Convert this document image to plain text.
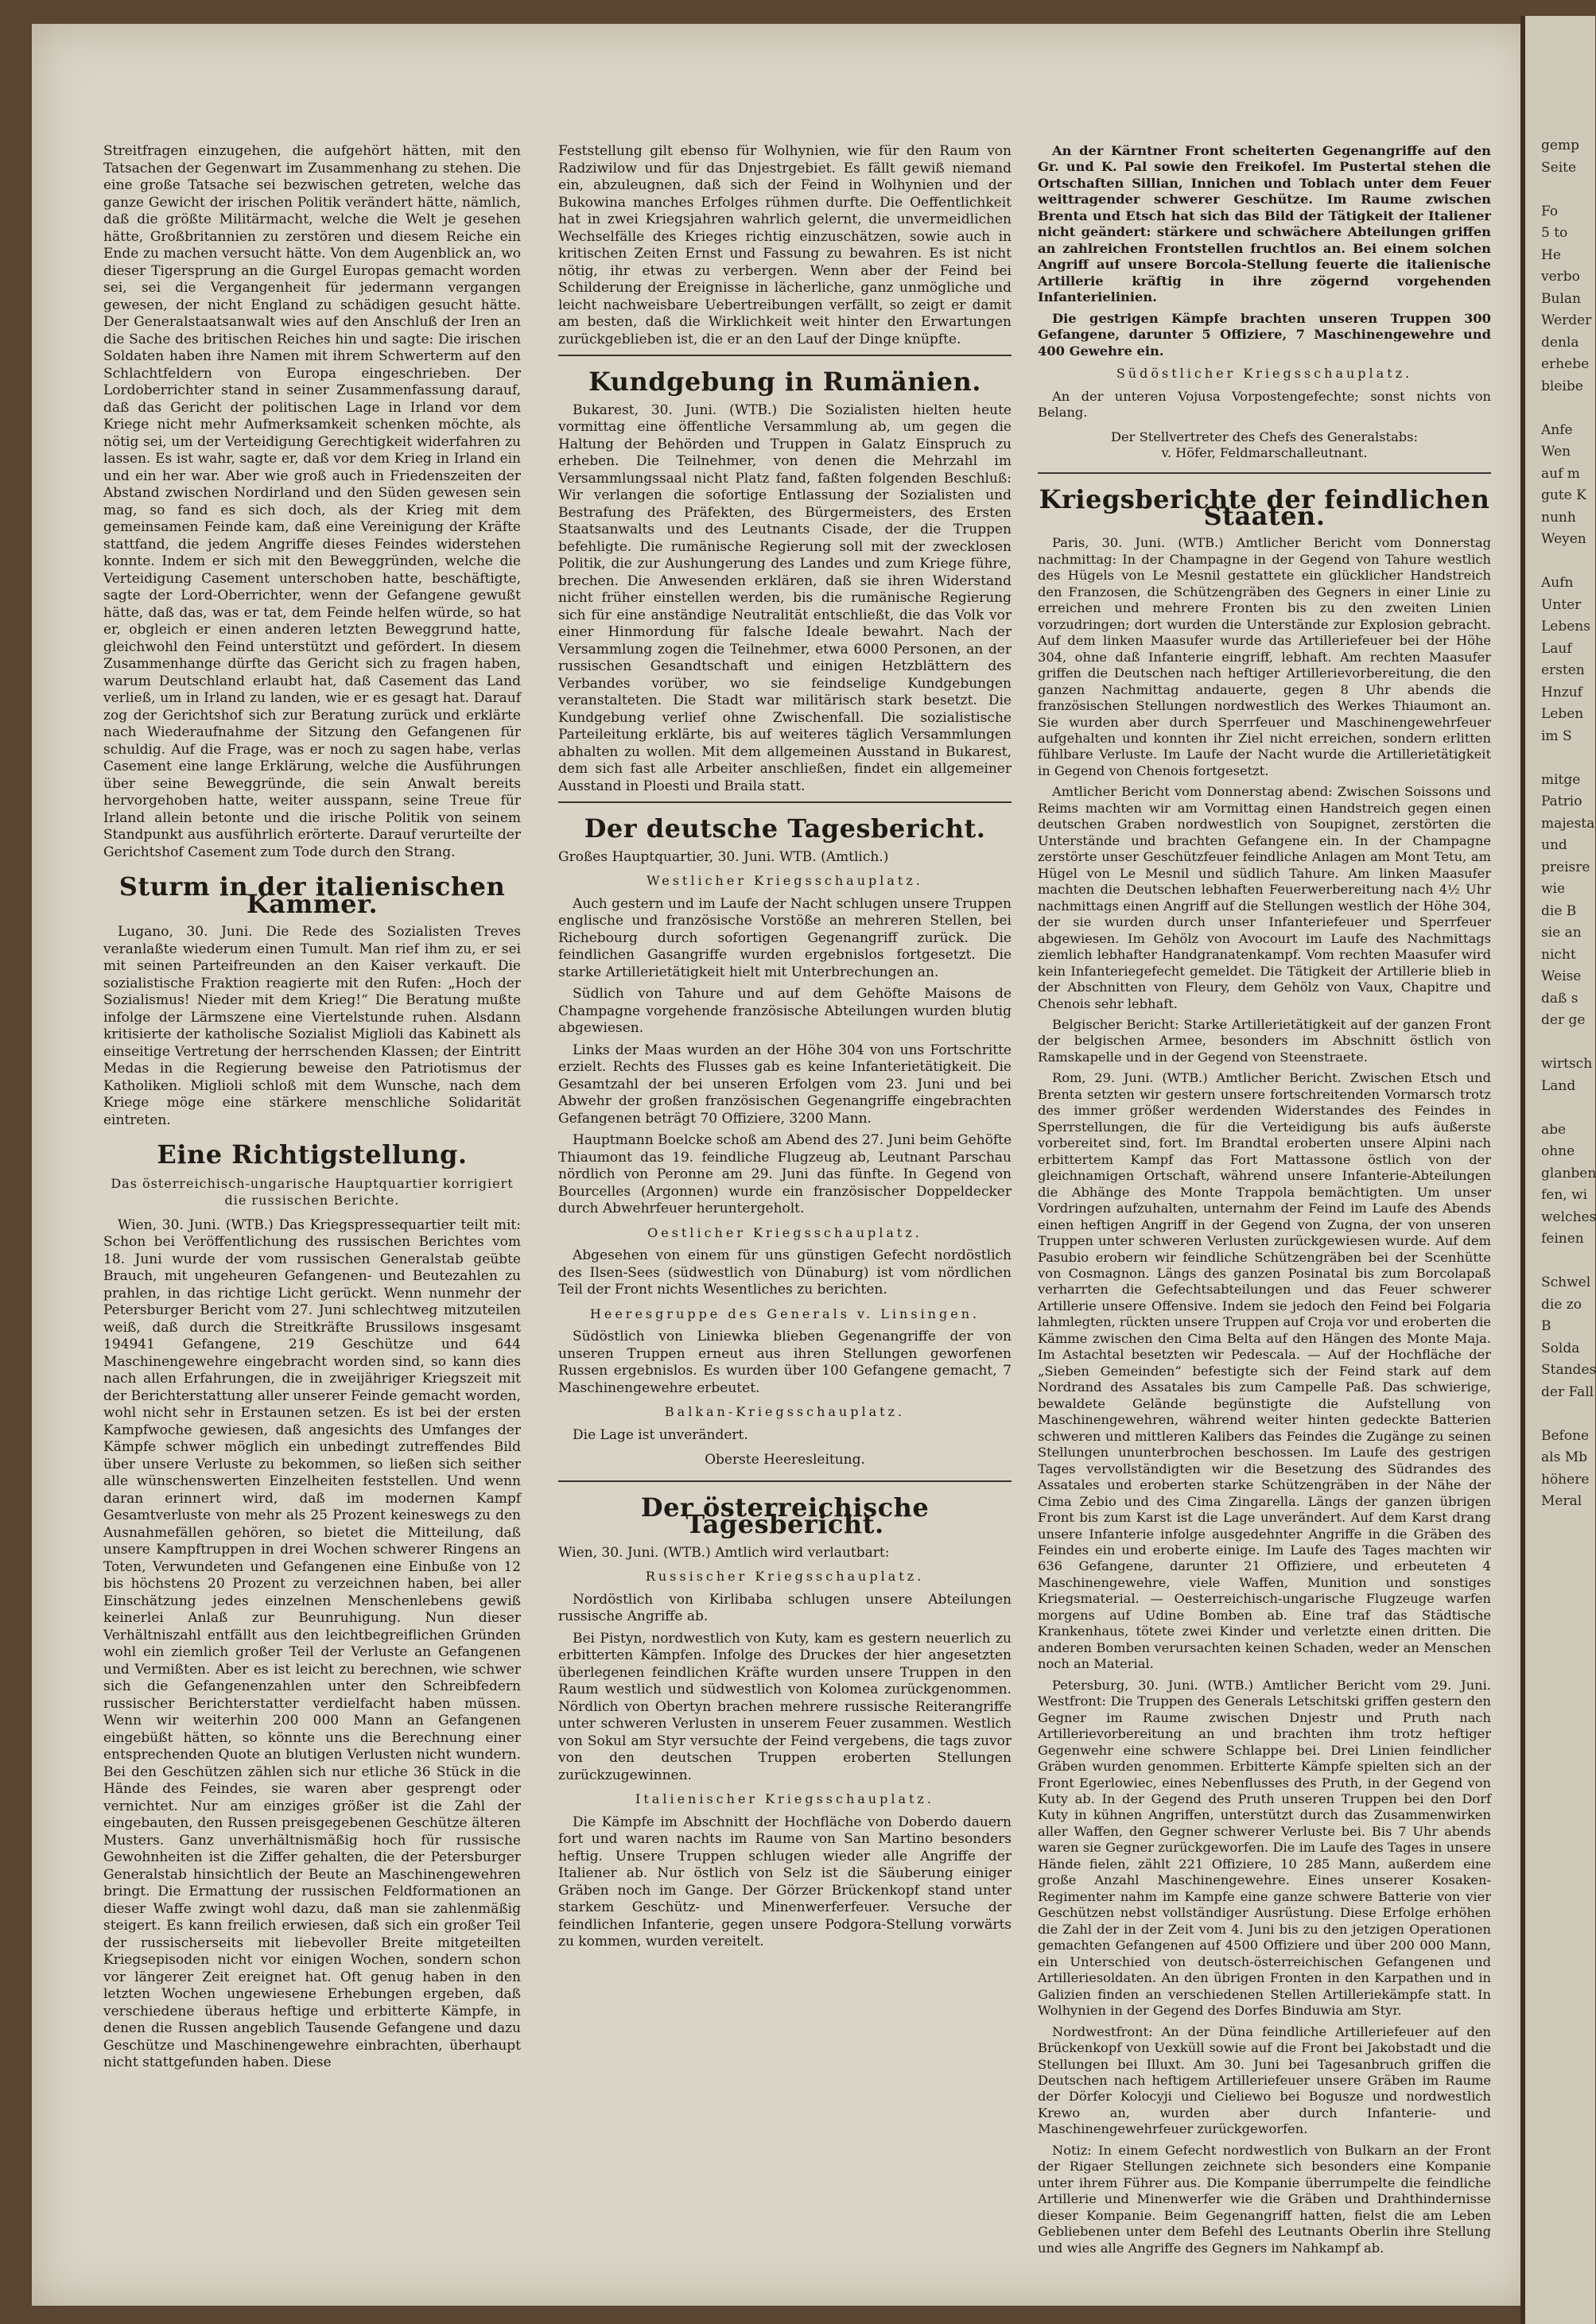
Streitfragen einzugehen, die aufgehört hätten, mit den Tatsachen der Gegenwart im Zusammenhang zu stehen. Die eine große Tatsache sei bezwischen getreten, welche das ganze Gewicht der irischen Politik verändert hätte, nämlich, daß die größte Militärmacht, welche die Welt je gesehen hätte, Großbritannien zu zerstören und diesem Reiche ein Ende zu machen versucht hätte. Von dem Augenblick an, wo dieser Tigersprung an die Gurgel Europas gemacht worden sei, sei die Vergangenheit für jedermann vergangen gewesen, der nicht England zu schädigen gesucht hätte. Der Generalstaatsanwalt wies auf den Anschluß der Iren an die Sache des britischen Reiches hin und sagte: Die irischen Soldaten haben ihre Namen mit ihrem Schwerterm auf den Schlachtfeldern von Europa eingeschrieben. Der Lordoberrichter stand in seiner Zusammenfassung darauf, daß das Gericht der politischen Lage in Irland vor dem Kriege nicht mehr Aufmerksamkeit schenken möchte, als nötig sei, um der Verteidigung Gerechtigkeit widerfahren zu lassen. Es ist wahr, sagte er, daß vor dem Krieg in Irland ein und ein her war. Aber wie groß auch in Friedenszeiten der Abstand zwischen Nordirland und den Süden gewesen sein mag, so fand es sich doch, als der Krieg mit dem gemeinsamen Feinde kam, daß eine Vereinigung der Kräfte stattfand, die jedem Angriffe dieses Feindes widerstehen konnte. Indem er sich mit den Beweggründen, welche die Verteidigung Casement unterschoben hatte, beschäftigte, sagte der Lord-Oberrichter, wenn der Gefangene gewußt hätte, daß das, was er tat, dem Feinde helfen würde, so hat er, obgleich er einen anderen letzten Beweggrund hatte, gleichwohl den Feind unterstützt und gefördert. In diesem Zusammenhange dürfte das Gericht sich zu fragen haben, warum Deutschland erlaubt hat, daß Casement das Land verließ, um in Irland zu landen, wie er es gesagt hat. Darauf zog der Gerichtshof sich zur Beratung zurück und erklärte nach Wiederaufnahme der Sitzung den Gefangenen für schuldig. Auf die Frage, was er noch zu sagen habe, verlas Casement eine lange Erklärung, welche die Ausführungen über seine Beweggründe, die sein Anwalt bereits hervorgehoben hatte, weiter ausspann, seine Treue für Irland allein betonte und die irische Politik von seinem Standpunkt aus ausführlich erörterte. Darauf verurteilte der Gerichtshof Casement zum Tode durch den Strang.

Sturm in der italienischen Kammer.

Lugano, 30. Juni. Die Rede des Sozialisten Treves veranlaßte wiederum einen Tumult. Man rief ihm zu, er sei mit seinen Parteifreunden an den Kaiser verkauft. Die sozialistische Fraktion reagierte mit den Rufen: „Hoch der Sozialismus! Nieder mit dem Krieg!“ Die Beratung mußte infolge der Lärmszene eine Viertelstunde ruhen. Alsdann kritisierte der katholische Sozialist Miglioli das Kabinett als einseitige Vertretung der herrschenden Klassen; der Eintritt Medas in die Regierung beweise den Patriotismus der Katholiken. Miglioli schloß mit dem Wunsche, nach dem Kriege möge eine stärkere menschliche Solidarität eintreten.

Eine Richtigstellung.
Das österreichisch-ungarische Hauptquartier korrigiert die russischen Berichte.

Wien, 30. Juni. (WTB.) Das Kriegspressequartier teilt mit: Schon bei Veröffentlichung des russischen Berichtes vom 18. Juni wurde der vom russischen Generalstab geübte Brauch, mit ungeheuren Gefangenen- und Beutezahlen zu prahlen, in das richtige Licht gerückt. Wenn nunmehr der Petersburger Bericht vom 27. Juni schlechtweg mitzuteilen weiß, daß durch die Streitkräfte Brussilows insgesamt 194941 Gefangene, 219 Geschütze und 644 Maschinengewehre eingebracht worden sind, so kann dies nach allen Erfahrungen, die in zweijähriger Kriegszeit mit der Berichterstattung aller unserer Feinde gemacht worden, wohl nicht sehr in Erstaunen setzen. Es ist bei der ersten Kampfwoche gewiesen, daß angesichts des Umfanges der Kämpfe schwer möglich ein unbedingt zutreffendes Bild über unsere Verluste zu bekommen, so ließen sich seither alle wünschenswerten Einzelheiten feststellen. Und wenn daran erinnert wird, daß im modernen Kampf Gesamtverluste von mehr als 25 Prozent keineswegs zu den Ausnahmefällen gehören, so bietet die Mitteilung, daß unsere Kampftruppen in drei Wochen schwerer Ringens an Toten, Verwundeten und Gefangenen eine Einbuße von 12 bis höchstens 20 Prozent zu verzeichnen haben, bei aller Einschätzung jedes einzelnen Menschenlebens gewiß keinerlei Anlaß zur Beunruhigung. Nun dieser Verhältniszahl entfällt aus den leichtbegreiflichen Gründen wohl ein ziemlich großer Teil der Verluste an Gefangenen und Vermißten. Aber es ist leicht zu berechnen, wie schwer sich die Gefangenenzahlen unter den Schreibfedern russischer Berichterstatter verdielfacht haben müssen. Wenn wir weiterhin 200 000 Mann an Gefangenen eingebüßt hätten, so könnte uns die Berechnung einer entsprechenden Quote an blutigen Verlusten nicht wundern. Bei den Geschützen zählen sich nur etliche 36 Stück in die Hände des Feindes, sie waren aber gesprengt oder vernichtet. Nur am einziges größer ist die Zahl der eingebauten, den Russen preisgegebenen Geschütze älteren Musters. Ganz unverhältnismäßig hoch für russische Gewohnheiten ist die Ziffer gehalten, die der Petersburger Generalstab hinsichtlich der Beute an Maschinengewehren bringt. Die Ermattung der russischen Feldformationen an dieser Waffe zwingt wohl dazu, daß man sie zahlenmäßig steigert. Es kann freilich erwiesen, daß sich ein großer Teil der russischerseits mit liebevoller Breite mitgeteilten Kriegsepisoden nicht vor einigen Wochen, sondern schon vor längerer Zeit ereignet hat. Oft genug haben in den letzten Wochen ungewiesene Erhebungen ergeben, daß verschiedene überaus heftige und erbitterte Kämpfe, in denen die Russen angeblich Tausende Gefangene und dazu Geschütze und Maschinengewehre einbrachten, überhaupt nicht stattgefunden haben. Diese

Feststellung gilt ebenso für Wolhynien, wie für den Raum von Radziwilow und für das Dnjestrgebiet. Es fällt gewiß niemand ein, abzuleugnen, daß sich der Feind in Wolhynien und der Bukowina manches Erfolges rühmen durfte. Die Oeffentlichkeit hat in zwei Kriegsjahren wahrlich gelernt, die unvermeidlichen Wechselfälle des Krieges richtig einzuschätzen, sowie auch in kritischen Zeiten Ernst und Fassung zu bewahren. Es ist nicht nötig, ihr etwas zu verbergen. Wenn aber der Feind bei Schilderung der Ereignisse in lächerliche, ganz unmögliche und leicht nachweisbare Uebertreibungen verfällt, so zeigt er damit am besten, daß die Wirklichkeit weit hinter den Erwartungen zurückgeblieben ist, die er an den Lauf der Dinge knüpfte.

Kundgebung in Rumänien.

Bukarest, 30. Juni. (WTB.) Die Sozialisten hielten heute vormittag eine öffentliche Versammlung ab, um gegen die Haltung der Behörden und Truppen in Galatz Einspruch zu erheben. Die Teilnehmer, von denen die Mehrzahl im Versammlungssaal nicht Platz fand, faßten folgenden Beschluß: Wir verlangen die sofortige Entlassung der Sozialisten und Bestrafung des Präfekten, des Bürgermeisters, des Ersten Staatsanwalts und des Leutnants Cisade, der die Truppen befehligte. Die rumänische Regierung soll mit der zwecklosen Politik, die zur Aushungerung des Landes und zum Kriege führe, brechen. Die Anwesenden erklären, daß sie ihren Widerstand nicht früher einstellen werden, bis die rumänische Regierung sich für eine anständige Neutralität entschließt, die das Volk vor einer Hinmordung für falsche Ideale bewahrt. Nach der Versammlung zogen die Teilnehmer, etwa 6000 Personen, an der russischen Gesandtschaft und einigen Hetzblättern des Verbandes vorüber, wo sie feindselige Kundgebungen veranstalteten. Die Stadt war militärisch stark besetzt. Die Kundgebung verlief ohne Zwischenfall. Die sozialistische Parteileitung erklärte, bis auf weiteres täglich Versammlungen abhalten zu wollen. Mit dem allgemeinen Ausstand in Bukarest, dem sich fast alle Arbeiter anschließen, findet ein allgemeiner Ausstand in Ploesti und Braila statt.

Der deutsche Tagesbericht.

Großes Hauptquartier, 30. Juni. WTB. (Amtlich.)

Westlicher Kriegsschauplatz.

Auch gestern und im Laufe der Nacht schlugen unsere Truppen englische und französische Vorstöße an mehreren Stellen, bei Richebourg durch sofortigen Gegenangriff zurück. Die feindlichen Gasangriffe wurden ergebnislos fortgesetzt. Die starke Artillerietätigkeit hielt mit Unterbrechungen an.

Südlich von Tahure und auf dem Gehöfte Maisons de Champagne vorgehende französische Abteilungen wurden blutig abgewiesen.

Links der Maas wurden an der Höhe 304 von uns Fortschritte erzielt. Rechts des Flusses gab es keine Infanterietätigkeit. Die Gesamtzahl der bei unseren Erfolgen vom 23. Juni und bei Abwehr der großen französischen Gegenangriffe eingebrachten Gefangenen beträgt 70 Offiziere, 3200 Mann.

Hauptmann Boelcke schoß am Abend des 27. Juni beim Gehöfte Thiaumont das 19. feindliche Flugzeug ab, Leutnant Parschau nördlich von Peronne am 29. Juni das fünfte. In Gegend von Bourcelles (Argonnen) wurde ein französischer Doppeldecker durch Abwehrfeuer heruntergeholt.

Oestlicher Kriegsschauplatz.

Abgesehen von einem für uns günstigen Gefecht nordöstlich des Ilsen-Sees (südwestlich von Dünaburg) ist vom nördlichen Teil der Front nichts Wesentliches zu berichten.

Heeresgruppe des Generals v. Linsingen.

Südöstlich von Liniewka blieben Gegenangriffe der von unseren Truppen erneut aus ihren Stellungen geworfenen Russen ergebnislos. Es wurden über 100 Gefangene gemacht, 7 Maschinengewehre erbeutet.

Balkan-Kriegsschauplatz.

Die Lage ist unverändert.

Oberste Heeresleitung.
Der österreichische Tagesbericht.

Wien, 30. Juni. (WTB.) Amtlich wird verlautbart:

Russischer Kriegsschauplatz.

Nordöstlich von Kirlibaba schlugen unsere Abteilungen russische Angriffe ab.

Bei Pistyn, nordwestlich von Kuty, kam es gestern neuerlich zu erbitterten Kämpfen. Infolge des Druckes der hier angesetzten überlegenen feindlichen Kräfte wurden unsere Truppen in den Raum westlich und südwestlich von Kolomea zurückgenommen. Nördlich von Obertyn brachen mehrere russische Reiterangriffe unter schweren Verlusten in unserem Feuer zusammen. Westlich von Sokul am Styr versuchte der Feind vergebens, die tags zuvor von den deutschen Truppen eroberten Stellungen zurückzugewinnen.

Italienischer Kriegsschauplatz.

Die Kämpfe im Abschnitt der Hochfläche von Doberdo dauern fort und waren nachts im Raume von San Martino besonders heftig. Unsere Truppen schlugen wieder alle Angriffe der Italiener ab. Nur östlich von Selz ist die Säuberung einiger Gräben noch im Gange. Der Görzer Brückenkopf stand unter starkem Geschütz- und Minenwerferfeuer. Versuche der feindlichen Infanterie, gegen unsere Podgora-Stellung vorwärts zu kommen, wurden vereitelt.

An der Kärntner Front scheiterten Gegenangriffe auf den Gr. und K. Pal sowie den Freikofel. Im Pustertal stehen die Ortschaften Sillian, Innichen und Toblach unter dem Feuer weittragender schwerer Geschütze. Im Raume zwischen Brenta und Etsch hat sich das Bild der Tätigkeit der Italiener nicht geändert: stärkere und schwächere Abteilungen griffen an zahlreichen Frontstellen fruchtlos an. Bei einem solchen Angriff auf unsere Borcola-Stellung feuerte die italienische Artillerie kräftig in ihre zögernd vorgehenden Infanterielinien.

Die gestrigen Kämpfe brachten unseren Truppen 300 Gefangene, darunter 5 Offiziere, 7 Maschinengewehre und 400 Gewehre ein.

Südöstlicher Kriegsschauplatz.

An der unteren Vojusa Vorpostengefechte; sonst nichts von Belang.

Der Stellvertreter des Chefs des Generalstabs:
v. Höfer, Feldmarschalleutnant.
Kriegsberichte der feindlichen Staaten.

Paris, 30. Juni. (WTB.) Amtlicher Bericht vom Donnerstag nachmittag: In der Champagne in der Gegend von Tahure westlich des Hügels von Le Mesnil gestattete ein glücklicher Handstreich den Franzosen, die Schützengräben des Gegners in einer Linie zu erreichen und mehrere Fronten bis zu den zweiten Linien vorzudringen; dort wurden die Unterstände zur Explosion gebracht. Auf dem linken Maasufer wurde das Artilleriefeuer bei der Höhe 304, ohne daß Infanterie eingriff, lebhaft. Am rechten Maasufer griffen die Deutschen nach heftiger Artillerievorbereitung, die den ganzen Nachmittag andauerte, gegen 8 Uhr abends die französischen Stellungen nordwestlich des Werkes Thiaumont an. Sie wurden aber durch Sperrfeuer und Maschinengewehrfeuer aufgehalten und konnten ihr Ziel nicht erreichen, sondern erlitten fühlbare Verluste. Im Laufe der Nacht wurde die Artillerietätigkeit in Gegend von Chenois fortgesetzt.

Amtlicher Bericht vom Donnerstag abend: Zwischen Soissons und Reims machten wir am Vormittag einen Handstreich gegen einen deutschen Graben nordwestlich von Soupignet, zerstörten die Unterstände und brachten Gefangene ein. In der Champagne zerstörte unser Geschützfeuer feindliche Anlagen am Mont Tetu, am Hügel von Le Mesnil und südlich Tahure. Am linken Maasufer machten die Deutschen lebhaften Feuerwerbereitung nach 4½ Uhr nachmittags einen Angriff auf die Stellungen westlich der Höhe 304, der sie wurden durch unser Infanteriefeuer und Sperrfeuer abgewiesen. Im Gehölz von Avocourt im Laufe des Nachmittags ziemlich lebhafter Handgranatenkampf. Vom rechten Maasufer wird kein Infanteriegefecht gemeldet. Die Tätigkeit der Artillerie blieb in der Abschnitten von Fleury, dem Gehölz von Vaux, Chapitre und Chenois sehr lebhaft.

Belgischer Bericht: Starke Artillerietätigkeit auf der ganzen Front der belgischen Armee, besonders im Abschnitt östlich von Ramskapelle und in der Gegend von Steenstraete.

Rom, 29. Juni. (WTB.) Amtlicher Bericht. Zwischen Etsch und Brenta setzten wir gestern unsere fortschreitenden Vormarsch trotz des immer größer werdenden Widerstandes des Feindes in Sperrstellungen, die für die Verteidigung bis aufs äußerste vorbereitet sind, fort. Im Brandtal eroberten unsere Alpini nach erbittertem Kampf das Fort Mattassone östlich von der gleichnamigen Ortschaft, während unsere Infanterie-Abteilungen die Abhänge des Monte Trappola bemächtigten. Um unser Vordringen aufzuhalten, unternahm der Feind im Laufe des Abends einen heftigen Angriff in der Gegend von Zugna, der von unseren Truppen unter schweren Verlusten zurückgewiesen wurde. Auf dem Pasubio erobern wir feindliche Schützengräben bei der Scenhütte von Cosmagnon. Längs des ganzen Posinatal bis zum Borcolapaß verharrten die Gefechtsabteilungen und das Feuer schwerer Artillerie unsere Offensive. Indem sie jedoch den Feind bei Folgaria lahmlegten, rückten unsere Truppen auf Croja vor und eroberten die Kämme zwischen den Cima Belta auf den Hängen des Monte Maja. Im Astachtal besetzten wir Pedescala. — Auf der Hochfläche der „Sieben Gemeinden“ befestigte sich der Feind stark auf dem Nordrand des Assatales bis zum Campelle Paß. Das schwierige, bewaldete Gelände begünstigte die Aufstellung von Maschinengewehren, während weiter hinten gedeckte Batterien schweren und mittleren Kalibers das Feindes die Zugänge zu seinen Stellungen ununterbrochen beschossen. Im Laufe des gestrigen Tages vervollständigten wir die Besetzung des Südrandes des Assatales und eroberten starke Schützengräben in der Nähe der Cima Zebio und des Cima Zingarella. Längs der ganzen übrigen Front bis zum Karst ist die Lage unverändert. Auf dem Karst drang unsere Infanterie infolge ausgedehnter Angriffe in die Gräben des Feindes ein und eroberte einige. Im Laufe des Tages machten wir 636 Gefangene, darunter 21 Offiziere, und erbeuteten 4 Maschinengewehre, viele Waffen, Munition und sonstiges Kriegsmaterial. — Oesterreichisch-ungarische Flugzeuge warfen morgens auf Udine Bomben ab. Eine traf das Städtische Krankenhaus, tötete zwei Kinder und verletzte einen dritten. Die anderen Bomben verursachten keinen Schaden, weder an Menschen noch an Material.

Petersburg, 30. Juni. (WTB.) Amtlicher Bericht vom 29. Juni. Westfront: Die Truppen des Generals Letschitski griffen gestern den Gegner im Raume zwischen Dnjestr und Pruth nach Artillerievorbereitung an und brachten ihm trotz heftiger Gegenwehr eine schwere Schlappe bei. Drei Linien feindlicher Gräben wurden genommen. Erbitterte Kämpfe spielten sich an der Front Egerlowiec, eines Nebenflusses des Pruth, in der Gegend von Kuty ab. In der Gegend des Pruth unseren Truppen bei den Dorf Kuty in kühnen Angriffen, unterstützt durch das Zusammenwirken aller Waffen, den Gegner schwerer Verluste bei. Bis 7 Uhr abends waren sie Gegner zurückgeworfen. Die im Laufe des Tages in unsere Hände fielen, zählt 221 Offiziere, 10 285 Mann, außerdem eine große Anzahl Maschinengewehre. Eines unserer Kosaken-Regimenter nahm im Kampfe eine ganze schwere Batterie von vier Geschützen nebst vollständiger Ausrüstung. Diese Erfolge erhöhen die Zahl der in der Zeit vom 4. Juni bis zu den jetzigen Operationen gemachten Gefangenen auf 4500 Offiziere und über 200 000 Mann, ein Unterschied von deutsch-österreichischen Gefangenen und Artilleriesoldaten. An den übrigen Fronten in den Karpathen und in Galizien finden an verschiedenen Stellen Artilleriekämpfe statt. In Wolhynien in der Gegend des Dorfes Binduwia am Styr.

Nordwestfront: An der Düna feindliche Artilleriefeuer auf den Brückenkopf von Uexküll sowie auf die Front bei Jakobstadt und die Stellungen bei Illuxt. Am 30. Juni bei Tagesanbruch griffen die Deutschen nach heftigem Artilleriefeuer unsere Gräben im Raume der Dörfer Kolocyji und Cieliewo bei Bogusze und nordwestlich Krewo an, wurden aber durch Infanterie- und Maschinengewehrfeuer zurückgeworfen.

Notiz: In einem Gefecht nordwestlich von Bulkarn an der Front der Rigaer Stellungen zeichnete sich besonders eine Kompanie unter ihrem Führer aus. Die Kompanie überrumpelte die feindliche Artillerie und Minenwerfer wie die Gräben und Drahthindernisse dieser Kompanie. Beim Gegenangriff hatten, fielst die am Leben Gebliebenen unter dem Befehl des Leutnants Oberlin ihre Stellung und wies alle Angriffe des Gegners im Nahkampf ab.

gemp
Seite

Fo
5 to
He
verbo
Bulan
Werder
denla
erhebe
bleibe

Anfe
Wen
auf m
gute K
nunh
Weyen

Aufn
Unter
Lebens
Lauf
ersten
Hnzuf
Leben
im S

mitge
Patrio
majesta
und
preisre
wie
die B
sie an
nicht
Weise
daß s
der ge

wirtsch
Land

abe
ohne
glanben
fen, wi
welches
feinen

Schwel
die zo
B
Solda
Standes
der Fall

Befone
als Mb
höhere
Meral
